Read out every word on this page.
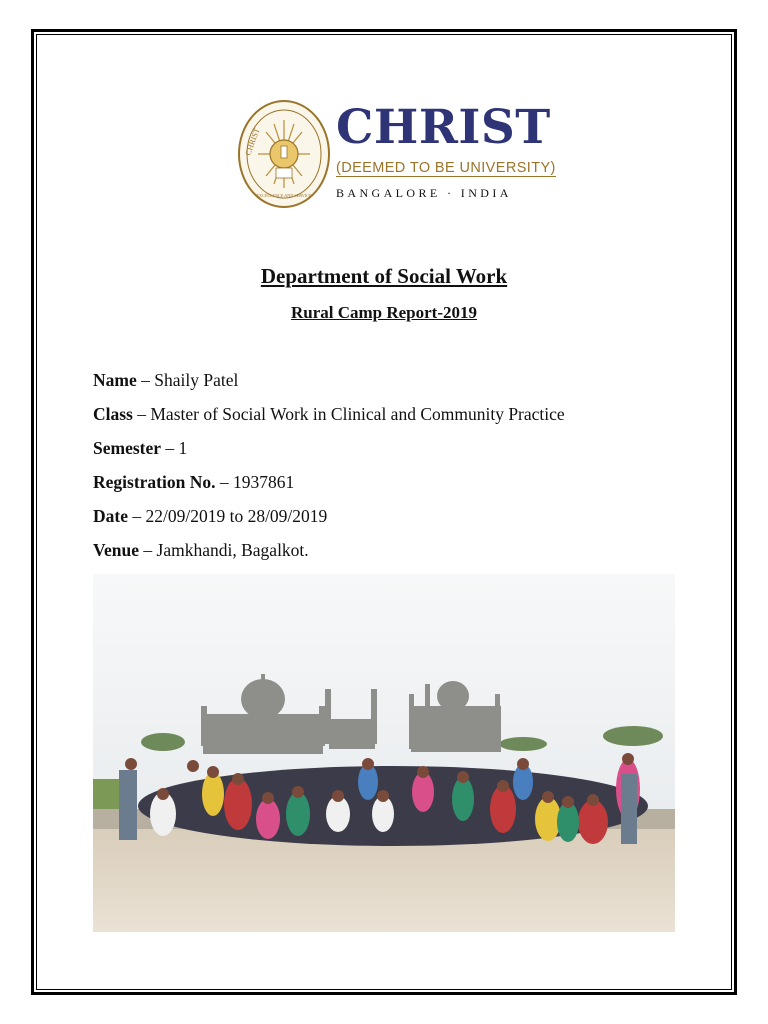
CHRIST
EXCELLENCE AND SERVICE
CHRIST
(DEEMED TO BE UNIVERSITY)
BANGALORE · INDIA
Department of Social Work
Rural Camp Report-2019
Name – Shaily Patel
Class – Master of Social Work in Clinical and Community Practice
Semester – 1
Registration No. – 1937861
Date – 22/09/2019 to 28/09/2019
Venue – Jamkhandi, Bagalkot.
